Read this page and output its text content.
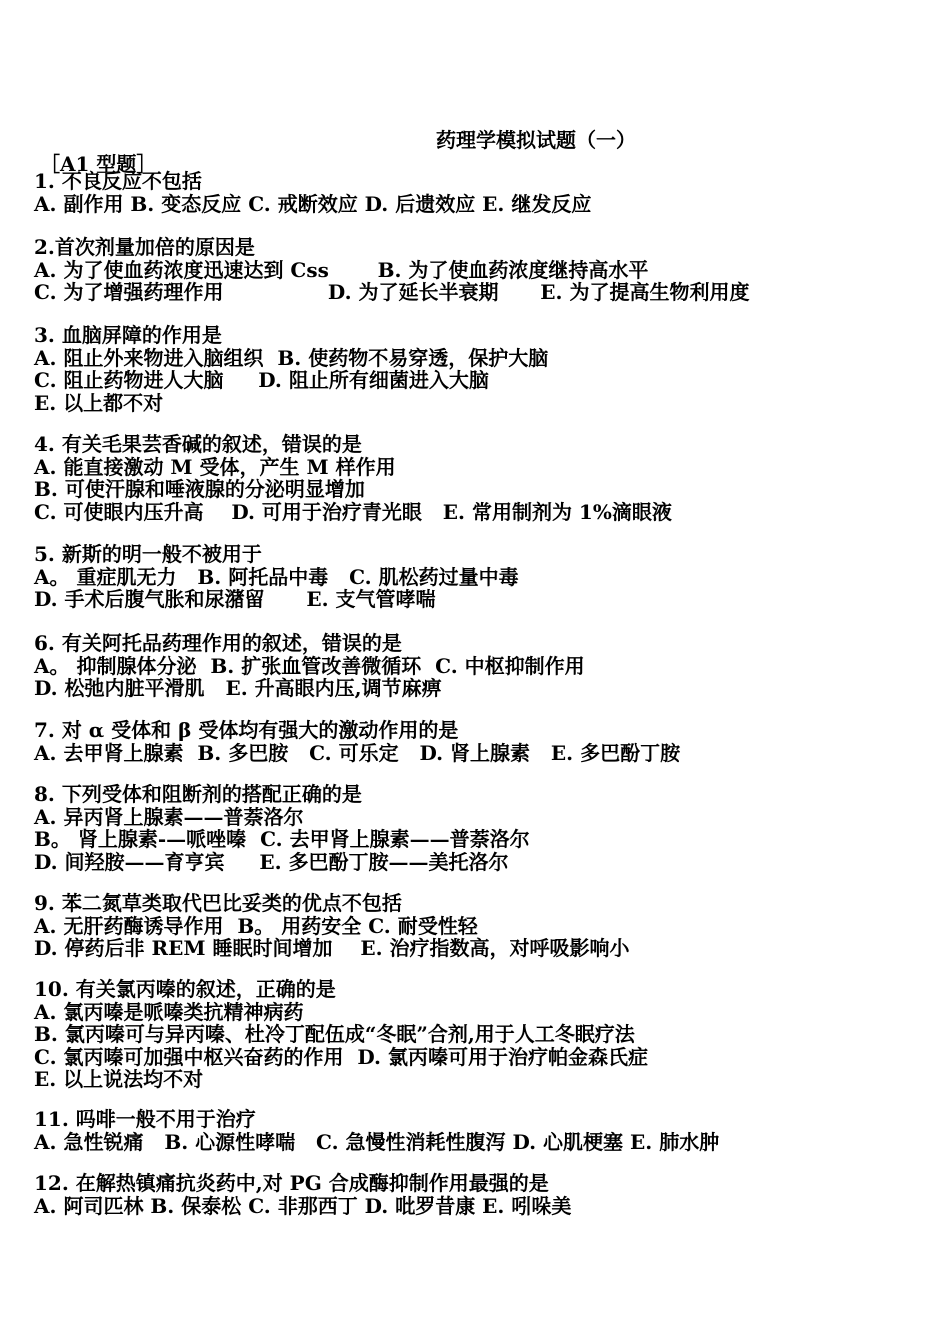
药理学模拟试题（一）
［A1 型题］
1. 不良反应不包括
A. 副作用 B. 变态反应 C. 戒断效应 D. 后遗效应 E. 继发反应
2.首次剂量加倍的原因是
A. 为了使血药浓度迅速达到 Css       B. 为了使血药浓度继持高水平
C. 为了增强药理作用               D. 为了延长半衰期      E. 为了提高生物利用度
3. 血脑屏障的作用是
A. 阻止外来物进入脑组织  B. 使药物不易穿透，保护大脑
C. 阻止药物进人大脑     D. 阻止所有细菌进入大脑
E. 以上都不对
4. 有关毛果芸香碱的叙述，错误的是
A. 能直接激动 M 受体，产生 M 样作用
B. 可使汗腺和唾液腺的分泌明显增加
C. 可使眼内压升高    D. 可用于治疗青光眼   E. 常用制剂为 1%滴眼液
5. 新斯的明一般不被用于
A。 重症肌无力   B. 阿托品中毒   C. 肌松药过量中毒
D. 手术后腹气胀和尿潴留      E. 支气管哮喘
6. 有关阿托品药理作用的叙述，错误的是
A。 抑制腺体分泌  B. 扩张血管改善微循环  C. 中枢抑制作用
D. 松弛内脏平滑肌   E. 升高眼内压,调节麻痹
7. 对 α 受体和 β 受体均有强大的激动作用的是
A. 去甲肾上腺素  B. 多巴胺   C. 可乐定   D. 肾上腺素   E. 多巴酚丁胺
8. 下列受体和阻断剂的搭配正确的是
A. 异丙肾上腺素——普萘洛尔
B。 肾上腺素-—哌唑嗪  C. 去甲肾上腺素——普萘洛尔
D. 间羟胺——育亨宾     E. 多巴酚丁胺——美托洛尔
9. 苯二氮草类取代巴比妥类的优点不包括
A. 无肝药酶诱导作用  B。 用药安全 C. 耐受性轻
D. 停药后非 REM 睡眠时间增加    E. 治疗指数高，对呼吸影响小
10. 有关氯丙嗪的叙述，正确的是
A. 氯丙嗪是哌嗪类抗精神病药
B. 氯丙嗪可与异丙嗪、杜冷丁配伍成“冬眠”合剂,用于人工冬眠疗法
C. 氯丙嗪可加强中枢兴奋药的作用  D. 氯丙嗪可用于治疗帕金森氏症
E. 以上说法均不对
11. 吗啡一般不用于治疗
A. 急性锐痛   B. 心源性哮喘   C. 急慢性消耗性腹泻 D. 心肌梗塞 E. 肺水肿
12. 在解热镇痛抗炎药中,对 PG 合成酶抑制作用最强的是
A. 阿司匹林 B. 保泰松 C. 非那西丁 D. 吡罗昔康 E. 吲哚美
